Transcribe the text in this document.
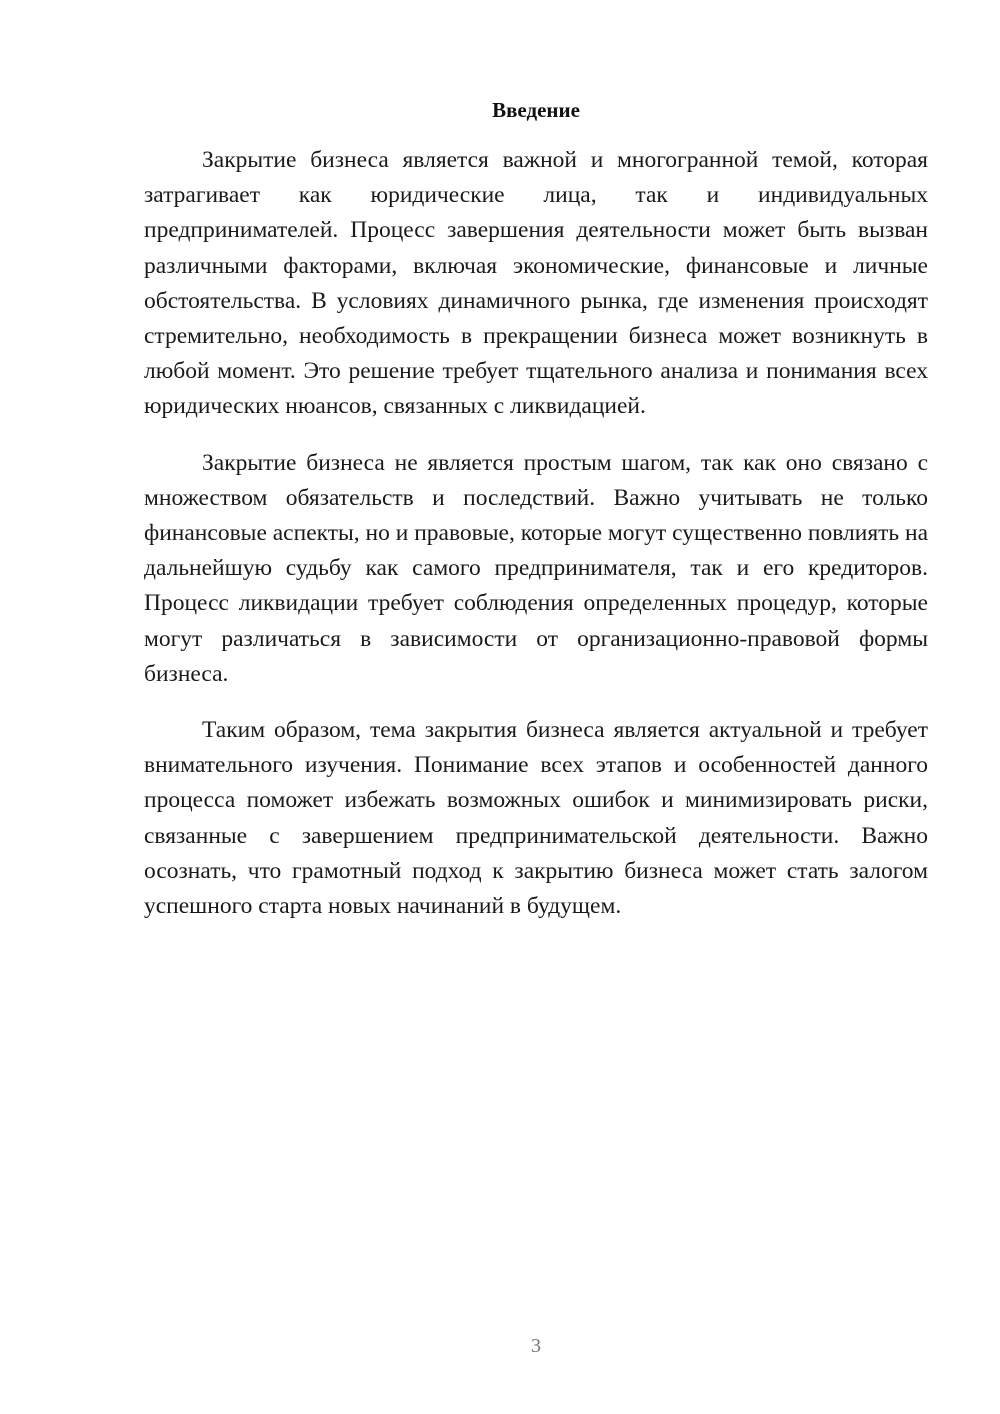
Введение

Закрытие бизнеса является важной и многогранной темой, которая затрагивает как юридические лица, так и индивидуальных предпринимателей. Процесс завершения деятельности может быть вызван различными факторами, включая экономические, финансовые и личные обстоятельства. В условиях динамичного рынка, где изменения происходят стремительно, необходимость в прекращении бизнеса может возникнуть в любой момент. Это решение требует тщательного анализа и понимания всех юридических нюансов, связанных с ликвидацией.

Закрытие бизнеса не является простым шагом, так как оно связано с множеством обязательств и последствий. Важно учитывать не только финансовые аспекты, но и правовые, которые могут существенно повлиять на дальнейшую судьбу как самого предпринимателя, так и его кредиторов. Процесс ликвидации требует соблюдения определенных процедур, которые могут различаться в зависимости от организационно-правовой формы бизнеса.

Таким образом, тема закрытия бизнеса является актуальной и требует внимательного изучения. Понимание всех этапов и особенностей данного процесса поможет избежать возможных ошибок и минимизировать риски, связанные с завершением предпринимательской деятельности. Важно осознать, что грамотный подход к закрытию бизнеса может стать залогом успешного старта новых начинаний в будущем.

3
